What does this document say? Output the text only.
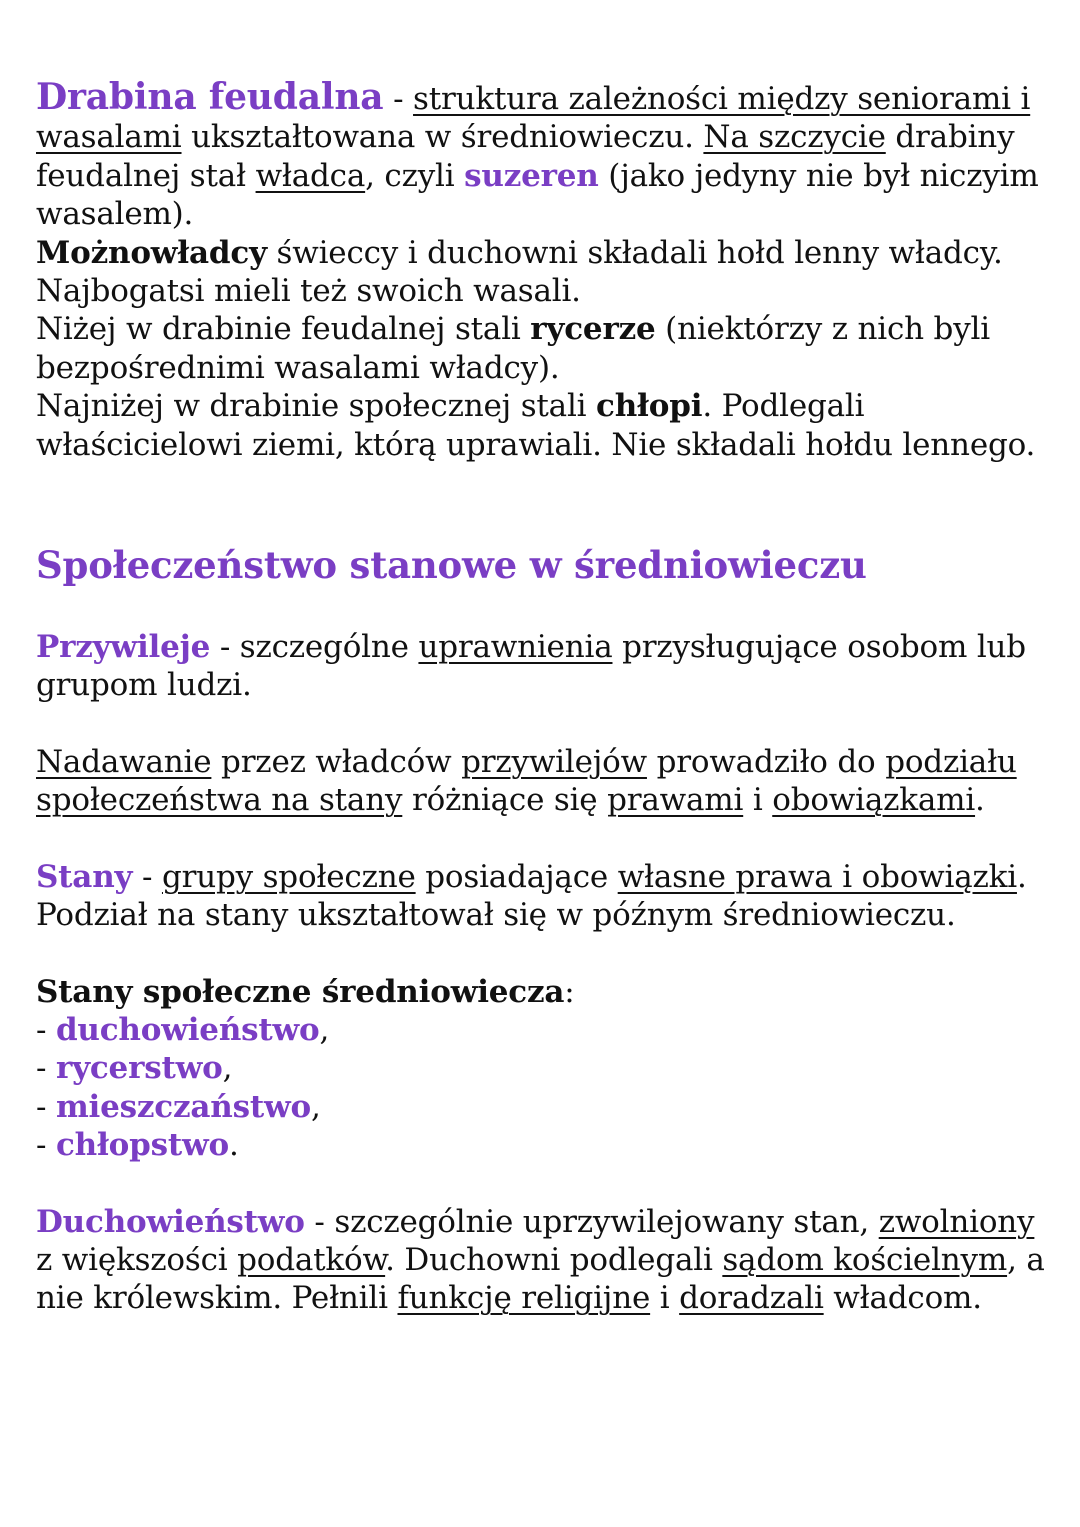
Drabina feudalna - struktura zależności między seniorami i wasalami ukształtowana w średniowieczu. Na szczycie drabiny feudalnej stał władca, czyli suzeren (jako jedyny nie był niczyim wasalem).

Możnowładcy świeccy i duchowni składali hołd lenny władcy.

Najbogatsi mieli też swoich wasali.

Niżej w drabinie feudalnej stali rycerze (niektórzy z nich byli bezpośrednimi wasalami władcy).

Najniżej w drabinie społecznej stali chłopi. Podlegali właścicielowi ziemi, którą uprawiali. Nie składali hołdu lennego.

Społeczeństwo stanowe w średniowieczu

Przywileje - szczególne uprawnienia przysługujące osobom lub grupom ludzi.

Nadawanie przez władców przywilejów prowadziło do podziału społeczeństwa na stany różniące się prawami i obowiązkami.

Stany - grupy społeczne posiadające własne prawa i obowiązki. Podział na stany ukształtował się w późnym średniowieczu.

Stany społeczne średniowiecza:

- duchowieństwo,

- rycerstwo,

- mieszczaństwo,

- chłopstwo.

Duchowieństwo - szczególnie uprzywilejowany stan, zwolniony z większości podatków. Duchowni podlegali sądom kościelnym, a nie królewskim. Pełnili funkcję religijne i doradzali władcom.
